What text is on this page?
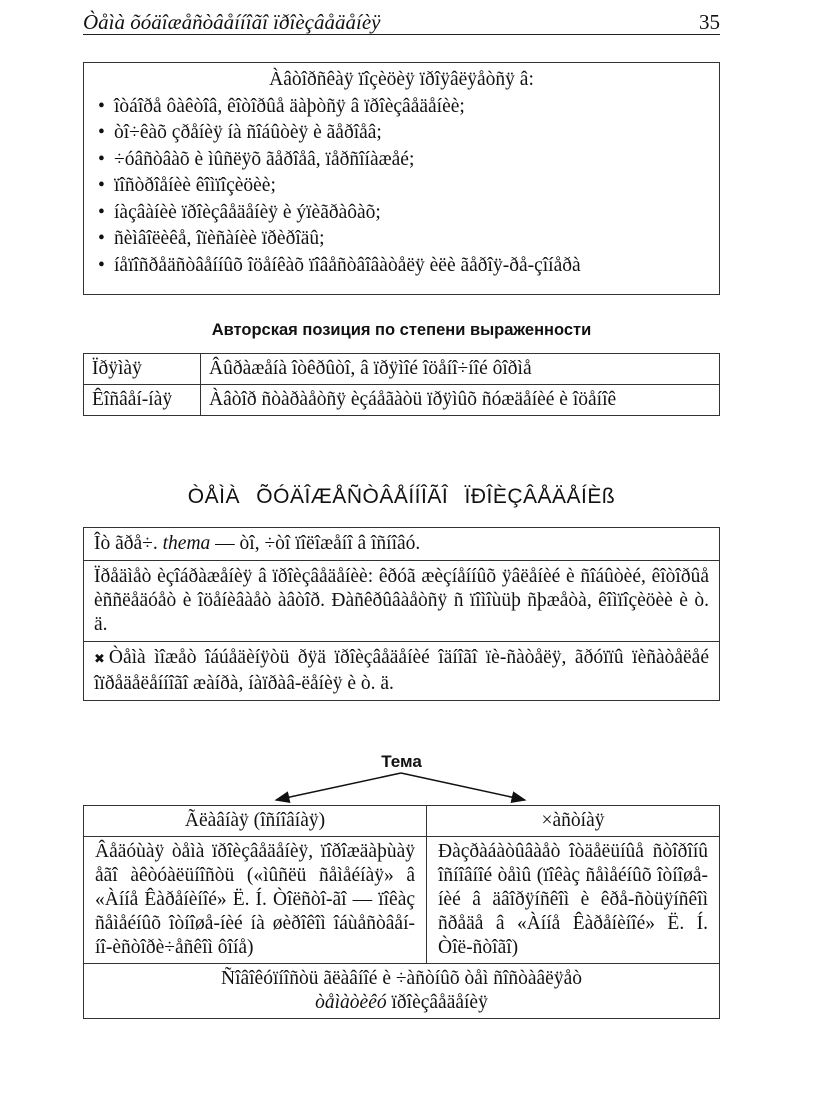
Òåìà õóäîæåñòâåííîãî ïðîèçâåäåíèÿ	35
Àâòîðñêàÿ ïîçèöèÿ ïðîÿâëÿåòñÿ â:
• îòáîðå ôàêòîâ, êîòîðûå äàþòñÿ â ïðîèçâåäåíèè;
• òî÷êàõ çðåíèÿ íà ñîáûòèÿ è ãåðîåâ;
• ÷óâñòâàõ è ìûñëÿõ ãåðîåâ, ïåðñîíàæåé;
• ïîñòðîåíèè êîìïîçèöèè;
• íàçâàíèè ïðîèçâåäåíèÿ è ýïèãðàôàõ;
• ñèìâîëèêå, îïèñàíèè ïðèðîäû;
• íåïîñðåäñòâåííûõ îöåíêàõ ïîâåñòâîâàòåëÿ èëè ãåðîÿ-ðå-çîíåðà
Авторская позиция по степени выраженности
Ïðÿìàÿ	Âûðàæåíà îòêðûòî, â ïðÿìîé îöåíî÷íîé ôîðìå
Êîñâåí-íàÿ	Àâòîð ñòàðàåòñÿ èçáåãàòü ïðÿìûõ ñóæäåíèé è îöåíîê
ÒÅÌÀ ÕÓÄÎÆÅÑÒÂÅÍÍÎÃÎ ÏÐÎÈÇÂÅÄÅÍÈß
Îò ãðå÷. thema — òî, ÷òî ïîëîæåíî â îñíîâó.
Ïðåäìåò èçîáðàæåíèÿ â ïðîèçâåäåíèè: êðóã æèçíåííûõ ÿâëåíèé è ñîáûòèé, êîòîðûå èññëåäóåò è îöåíèâàåò àâòîð. Ðàñêðûâàåòñÿ ñ ïîìîùüþ ñþæåòà, êîìïîçèöèè è ò. ä.
✖ Òåìà ìîæåò îáúåäèíÿòü ðÿä ïðîèçâåäåíèé îäíîãî ïè-ñàòåëÿ, ãðóïïû ïèñàòåëåé îïðåäåëåííîãî æàíðà, íàïðàâ-ëåíèÿ è ò. ä.
Тема
Ãëàâíàÿ (îñíîâíàÿ)	×àñòíàÿ
Âåäóùàÿ òåìà ïðîèçâåäåíèÿ, ïîðîæäàþùàÿ åãî àêòóàëüíîñòü («ìûñëü ñåìåéíàÿ» â «Àííå Êàðåíèíîé» Ë. Í. Òîëñòî-ãî — ïîêàç ñåìåéíûõ îòíîøå-íèé íà øèðîêîì îáùåñòâåí-íî-èñòîðè÷åñêîì ôîíå)	Ðàçðàáàòûâàåò îòäåëüíûå ñòîðîíû îñíîâíîé òåìû (ïîêàç ñåìåéíûõ îòíîøå-íèé â äâîðÿíñêîì è êðå-ñòüÿíñêîì ñðåäå â «Àííå Êàðåíèíîé» Ë. Í. Òîë-ñòîãî)
Ñîâîêóïíîñòü ãëàâíîé è ÷àñòíûõ òåì ñîñòàâëÿåò
òåìàòèêó ïðîèçâåäåíèÿ	
